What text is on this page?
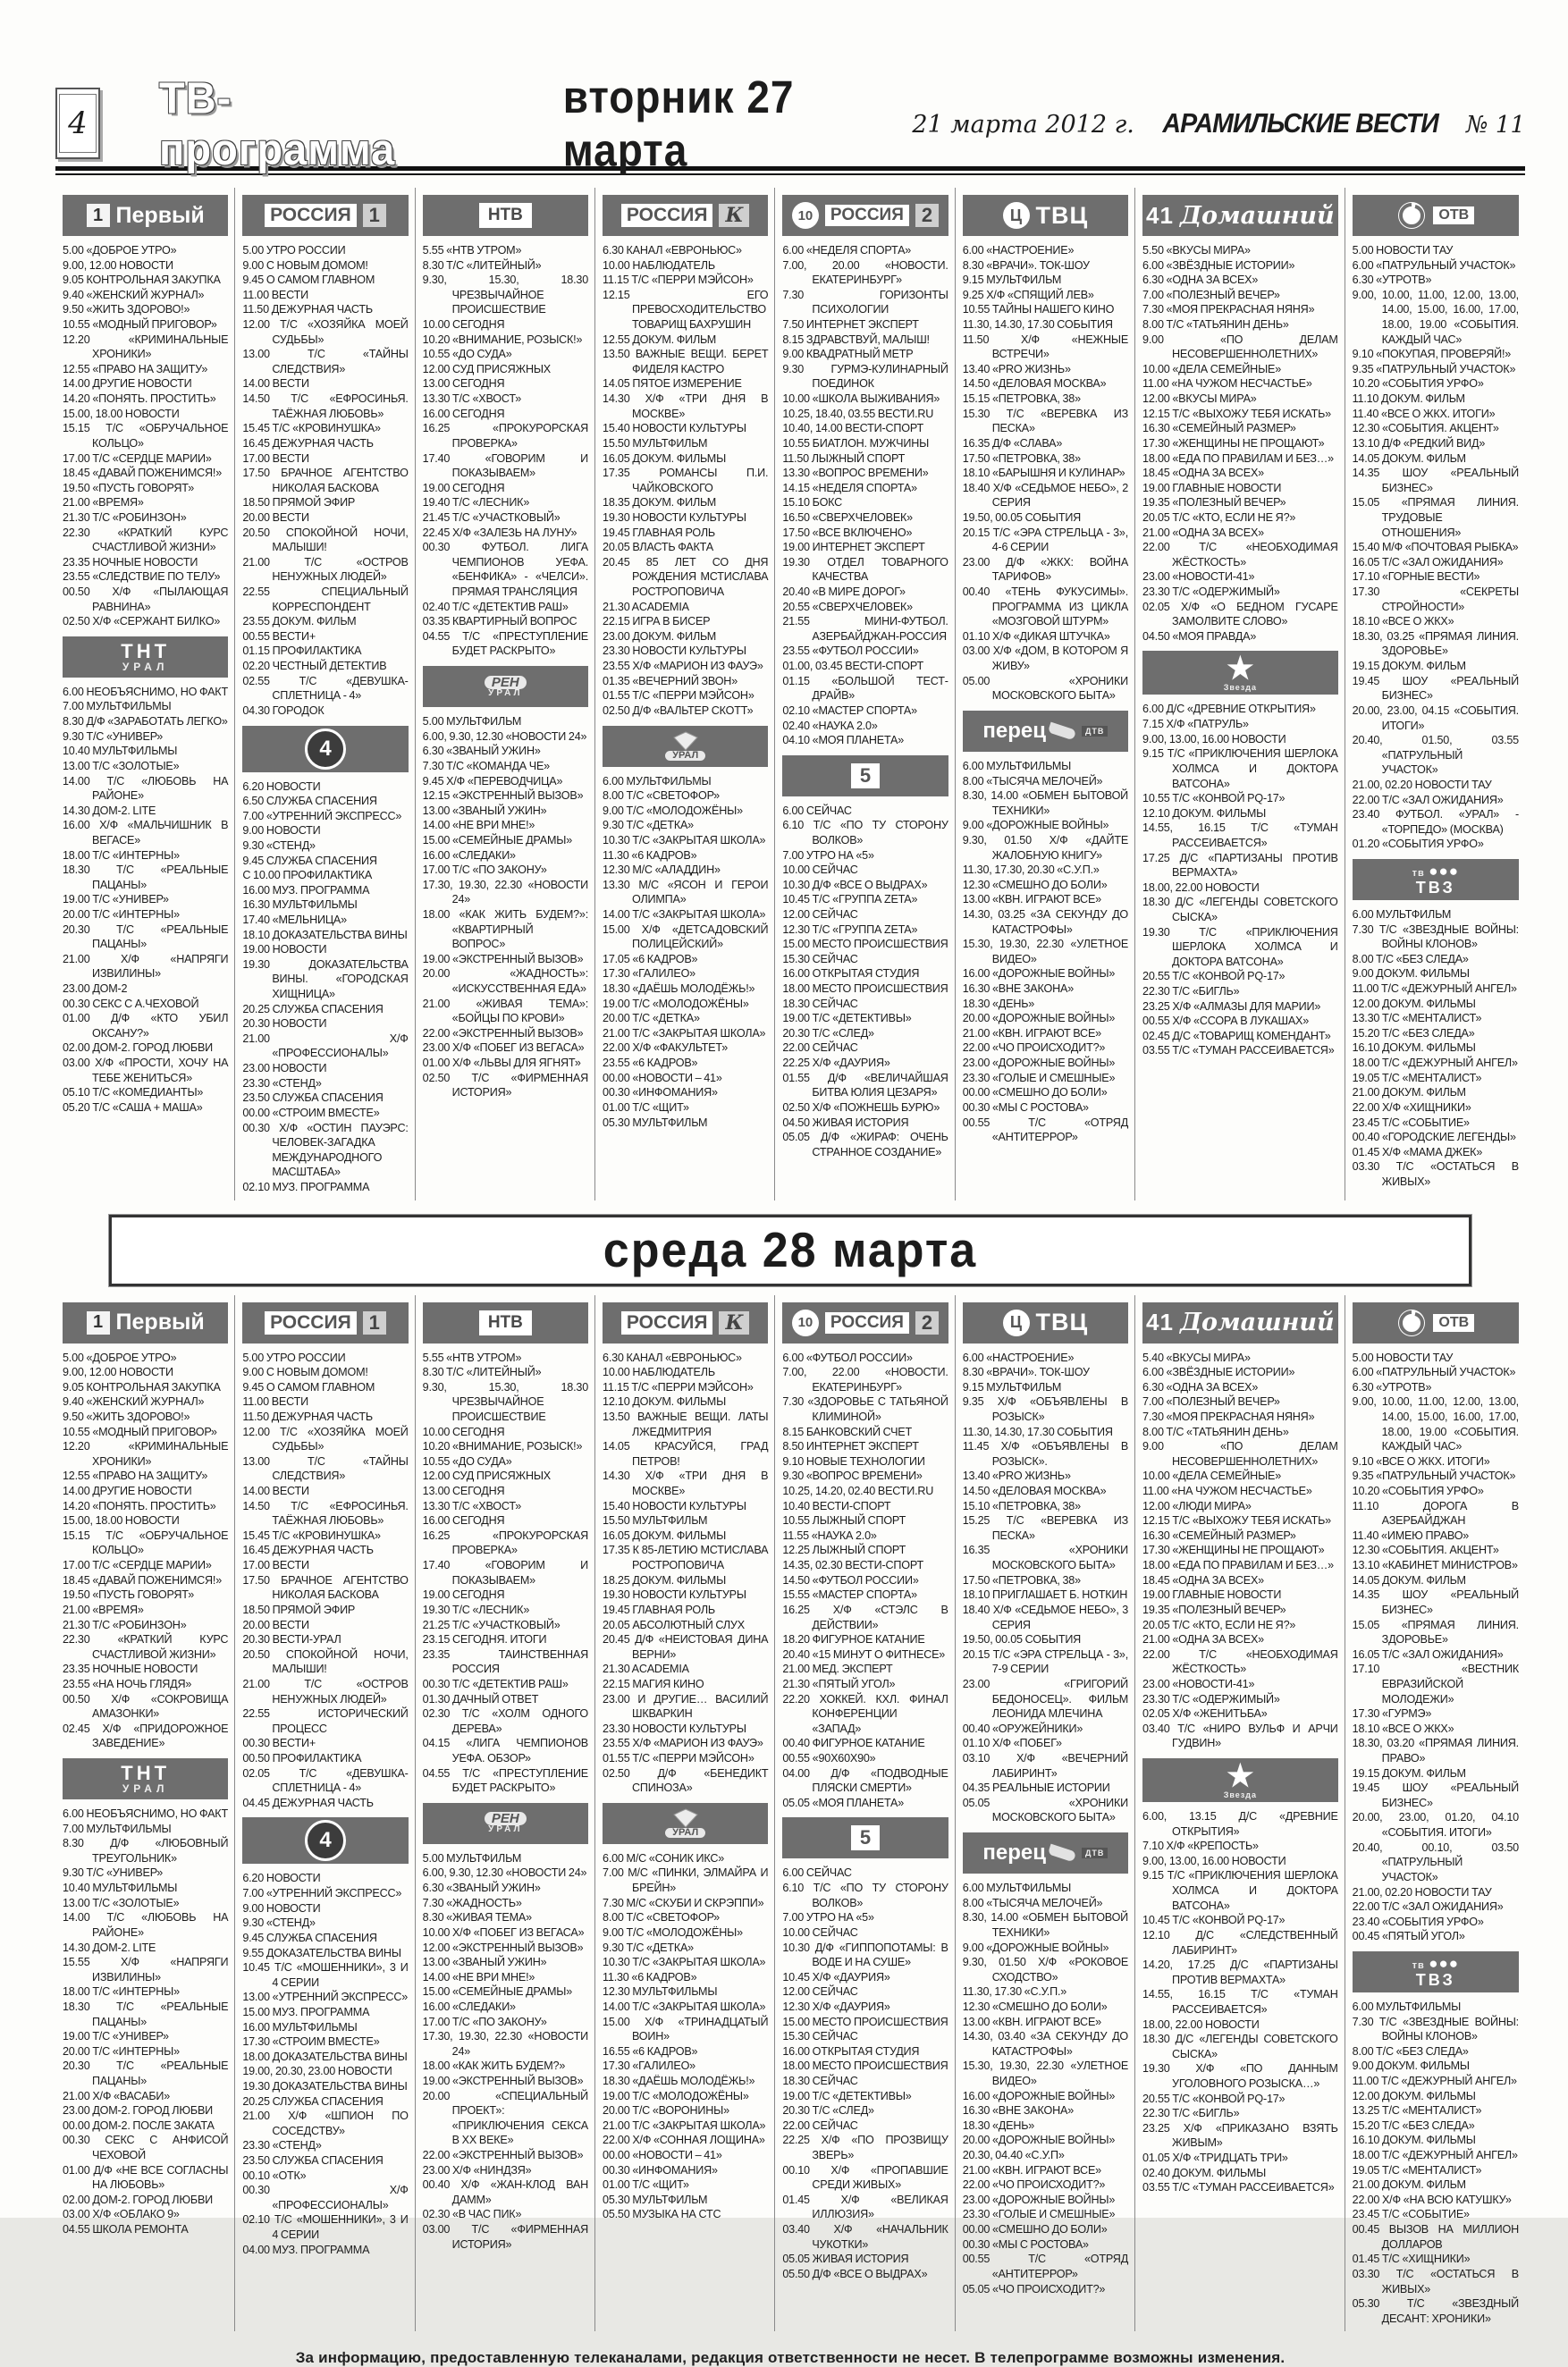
4
ТВ-программа
вторник 27 марта	21 марта 2012 г. АРАМИЛЬСКИЕ ВЕСТИ № 11
1 Первый
5.00 «ДОБРОЕ УТРО»
9.00, 12.00 НОВОСТИ
9.05 КОНТРОЛЬНАЯ ЗАКУПКА
9.40 «ЖЕНСКИЙ ЖУРНАЛ»
9.50 «ЖИТЬ ЗДОРОВО!»
10.55 «МОДНЫЙ ПРИГОВОР»
12.20 «КРИМИНАЛЬНЫЕ ХРОНИКИ»
12.55 «ПРАВО НА ЗАЩИТУ»
14.00 ДРУГИЕ НОВОСТИ
14.20 «ПОНЯТЬ. ПРОСТИТЬ»
15.00, 18.00 НОВОСТИ
15.15 Т/С «ОБРУЧАЛЬНОЕ КОЛЬЦО»
17.00 Т/С «СЕРДЦЕ МАРИИ»
18.45 «ДАВАЙ ПОЖЕНИМСЯ!»
19.50 «ПУСТЬ ГОВОРЯТ»
21.00 «ВРЕМЯ»
21.30 Т/С «РОБИНЗОН»
22.30 «КРАТКИЙ КУРС СЧАСТЛИВОЙ ЖИЗНИ»
23.35 НОЧНЫЕ НОВОСТИ
23.55 «СЛЕДСТВИЕ ПО ТЕЛУ»
00.50 Х/Ф «ПЫЛАЮЩАЯ РАВНИНА»
02.50 Х/Ф «СЕРЖАНТ БИЛКО»
ТНТ
УРАЛ
6.00 НЕОБЪЯСНИМО, НО ФАКТ
7.00 МУЛЬТФИЛЬМЫ
8.30 Д/Ф «ЗАРАБОТАТЬ ЛЕГКО»
9.30 Т/С «УНИВЕР»
10.40 МУЛЬТФИЛЬМЫ
13.00 Т/С «ЗОЛОТЫЕ»
14.00 Т/С «ЛЮБОВЬ НА РАЙОНЕ»
14.30 ДОМ-2. LITE
16.00 Х/Ф «МАЛЬЧИШНИК В ВЕГАСЕ»
18.00 Т/С «ИНТЕРНЫ»
18.30 Т/С «РЕАЛЬНЫЕ ПАЦАНЫ»
19.00 Т/С «УНИВЕР»
20.00 Т/С «ИНТЕРНЫ»
20.30 Т/С «РЕАЛЬНЫЕ ПАЦАНЫ»
21.00 Х/Ф «НАПРЯГИ ИЗВИЛИНЫ»
23.00 ДОМ-2
00.30 СЕКС С А.ЧЕХОВОЙ
01.00 Д/Ф «КТО УБИЛ ОКСАНУ?»
02.00 ДОМ-2. ГОРОД ЛЮБВИ
03.00 Х/Ф «ПРОСТИ, ХОЧУ НА ТЕБЕ ЖЕНИТЬСЯ»
05.10 Т/С «КОМЕДИАНТЫ»
05.20 Т/С «САША + МАША»
РОССИЯ 1
5.00 УТРО РОССИИ
9.00 С НОВЫМ ДОМОМ!
9.45 О САМОМ ГЛАВНОМ
11.00 ВЕСТИ
11.50 ДЕЖУРНАЯ ЧАСТЬ
12.00 Т/С «ХОЗЯЙКА МОЕЙ СУДЬБЫ»
13.00 Т/С «ТАЙНЫ СЛЕДСТВИЯ»
14.00 ВЕСТИ
14.50 Т/С «ЕФРОСИНЬЯ. ТАЁЖНАЯ ЛЮБОВЬ»
15.45 Т/С «КРОВИНУШКА»
16.45 ДЕЖУРНАЯ ЧАСТЬ
17.00 ВЕСТИ
17.50 БРАЧНОЕ АГЕНТСТВО НИКОЛАЯ БАСКОВА
18.50 ПРЯМОЙ ЭФИР
20.00 ВЕСТИ
20.50 СПОКОЙНОЙ НОЧИ, МАЛЫШИ!
21.00 Т/С «ОСТРОВ НЕНУЖНЫХ ЛЮДЕЙ»
22.55 СПЕЦИАЛЬНЫЙ КОРРЕСПОНДЕНТ
23.55 ДОКУМ. ФИЛЬМ
00.55 ВЕСТИ+
01.15 ПРОФИЛАКТИКА
02.20 ЧЕСТНЫЙ ДЕТЕКТИВ
02.55 Т/С «ДЕВУШКА-СПЛЕТНИЦА - 4»
04.30 ГОРОДОК
4
6.20 НОВОСТИ
6.50 СЛУЖБА СПАСЕНИЯ
7.00 «УТРЕННИЙ ЭКСПРЕСС»
9.00 НОВОСТИ
9.30 «СТЕНД»
9.45 СЛУЖБА СПАСЕНИЯ
С 10.00 ПРОФИЛАКТИКА
16.00 МУЗ. ПРОГРАММА
16.30 МУЛЬТФИЛЬМЫ
17.40 «МЕЛЬНИЦА»
18.10 ДОКАЗАТЕЛЬСТВА ВИНЫ
19.00 НОВОСТИ
19.30 ДОКАЗАТЕЛЬСТВА ВИНЫ. «ГОРОДСКАЯ ХИЩНИЦА»
20.25 СЛУЖБА СПАСЕНИЯ
20.30 НОВОСТИ
21.00 Х/Ф «ПРОФЕССИОНАЛЫ»
23.00 НОВОСТИ
23.30 «СТЕНД»
23.50 СЛУЖБА СПАСЕНИЯ
00.00 «СТРОИМ ВМЕСТЕ»
00.30 Х/Ф «ОСТИН ПАУЭРС: ЧЕЛОВЕК-ЗАГАДКА МЕЖДУНАРОДНОГО МАСШТАБА»
02.10 МУЗ. ПРОГРАММА
НТВ
5.55 «НТВ УТРОМ»
8.30 Т/С «ЛИТЕЙНЫЙ»
9.30, 15.30, 18.30 ЧРЕЗВЫЧАЙНОЕ ПРОИСШЕСТВИЕ
10.00 СЕГОДНЯ
10.20 «ВНИМАНИЕ, РОЗЫСК!»
10.55 «ДО СУДА»
12.00 СУД ПРИСЯЖНЫХ
13.00 СЕГОДНЯ
13.30 Т/С «ХВОСТ»
16.00 СЕГОДНЯ
16.25 «ПРОКУРОРСКАЯ ПРОВЕРКА»
17.40 «ГОВОРИМ И ПОКАЗЫВАЕМ»
19.00 СЕГОДНЯ
19.40 Т/С «ЛЕСНИК»
21.45 Т/С «УЧАСТКОВЫЙ»
22.45 Х/Ф «ЗАЛЕЗЬ НА ЛУНУ»
00.30 ФУТБОЛ. ЛИГА ЧЕМПИОНОВ УЕФА. «БЕНФИКА» - «ЧЕЛСИ». ПРЯМАЯ ТРАНСЛЯЦИЯ
02.40 Т/С «ДЕТЕКТИВ РАШ»
03.35 КВАРТИРНЫЙ ВОПРОС
04.55 Т/С «ПРЕСТУПЛЕНИЕ БУДЕТ РАСКРЫТО»
РЕН
УРАЛ
5.00 МУЛЬТФИЛЬМ
6.00, 9.30, 12.30 «НОВОСТИ 24»
6.30 «ЗВАНЫЙ УЖИН»
7.30 Т/С «КОМАНДА ЧЕ»
9.45 Х/Ф «ПЕРЕВОДЧИЦА»
12.15 «ЭКСТРЕННЫЙ ВЫЗОВ»
13.00 «ЗВАНЫЙ УЖИН»
14.00 «НЕ ВРИ МНЕ!»
15.00 «СЕМЕЙНЫЕ ДРАМЫ»
16.00 «СЛЕДАКИ»
17.00 Т/С «ПО ЗАКОНУ»
17.30, 19.30, 22.30 «НОВОСТИ 24»
18.00 «КАК ЖИТЬ БУДЕМ?»: «КВАРТИРНЫЙ ВОПРОС»
19.00 «ЭКСТРЕННЫЙ ВЫЗОВ»
20.00 «ЖАДНОСТЬ»: «ИСКУССТВЕННАЯ ЕДА»
21.00 «ЖИВАЯ ТЕМА»: «БОЙЦЫ ПО КРОВИ»
22.00 «ЭКСТРЕННЫЙ ВЫЗОВ»
23.00 Х/Ф «ПОБЕГ ИЗ ВЕГАСА»
01.00 Х/Ф «ЛЬВЫ ДЛЯ ЯГНЯТ»
02.50 Т/С «ФИРМЕННАЯ ИСТОРИЯ»
РОССИЯ К
6.30 КАНАЛ «ЕВРОНЬЮС»
10.00 НАБЛЮДАТЕЛЬ
11.15 Т/С «ПЕРРИ МЭЙСОН»
12.15 ЕГО ПРЕВОСХОДИТЕЛЬСТВО ТОВАРИЩ БАХРУШИН
12.55 ДОКУМ. ФИЛЬМ
13.50 ВАЖНЫЕ ВЕЩИ. БЕРЕТ ФИДЕЛЯ КАСТРО
14.05 ПЯТОЕ ИЗМЕРЕНИЕ
14.30 Х/Ф «ТРИ ДНЯ В МОСКВЕ»
15.40 НОВОСТИ КУЛЬТУРЫ
15.50 МУЛЬТФИЛЬМ
16.05 ДОКУМ. ФИЛЬМЫ
17.35 РОМАНСЫ П.И. ЧАЙКОВСКОГО
18.35 ДОКУМ. ФИЛЬМ
19.30 НОВОСТИ КУЛЬТУРЫ
19.45 ГЛАВНАЯ РОЛЬ
20.05 ВЛАСТЬ ФАКТА
20.45 85 ЛЕТ СО ДНЯ РОЖДЕНИЯ МСТИСЛАВА РОСТРОПОВИЧА
21.30 ACADEMIA
22.15 ИГРА В БИСЕР
23.00 ДОКУМ. ФИЛЬМ
23.30 НОВОСТИ КУЛЬТУРЫ
23.55 Х/Ф «МАРИОН ИЗ ФАУЭ»
01.35 «ВЕЧЕРНИЙ ЗВОН»
01.55 Т/С «ПЕРРИ МЭЙСОН»
02.50 Д/Ф «ВАЛЬТЕР СКОТТ»
УРАЛ
6.00 МУЛЬТФИЛЬМЫ
8.00 Т/С «СВЕТОФОР»
9.00 Т/С «МОЛОДОЖЁНЫ»
9.30 Т/С «ДЕТКА»
10.30 Т/С «ЗАКРЫТАЯ ШКОЛА»
11.30 «6 КАДРОВ»
12.30 М/С «АЛАДДИН»
13.30 М/С «ЯСОН И ГЕРОИ ОЛИМПА»
14.00 Т/С «ЗАКРЫТАЯ ШКОЛА»
15.00 Х/Ф «ДЕТСАДОВСКИЙ ПОЛИЦЕЙСКИЙ»
17.05 «6 КАДРОВ»
17.30 «ГАЛИЛЕО»
18.30 «ДАЁШЬ МОЛОДЁЖЬ!»
19.00 Т/С «МОЛОДОЖЁНЫ»
20.00 Т/С «ДЕТКА»
21.00 Т/С «ЗАКРЫТАЯ ШКОЛА»
22.00 Х/Ф «ФАКУЛЬТЕТ»
23.55 «6 КАДРОВ»
00.00 «НОВОСТИ – 41»
00.30 «ИНФОМАНИЯ»
01.00 Т/С «ЩИТ»
05.30 МУЛЬТФИЛЬМ
10	РОССИЯ 2
6.00 «НЕДЕЛЯ СПОРТА»
7.00, 20.00 «НОВОСТИ. ЕКАТЕРИНБУРГ»
7.30 ГОРИЗОНТЫ ПСИХОЛОГИИ
7.50 ИНТЕРНЕТ ЭКСПЕРТ
8.15 ЗДРАВСТВУЙ, МАЛЫШ!
9.00 КВАДРАТНЫЙ МЕТР
9.30 ГУРМЭ-КУЛИНАРНЫЙ ПОЕДИНОК
10.00 «ШКОЛА ВЫЖИВАНИЯ»
10.25, 18.40, 03.55 ВЕСТИ.RU
10.40, 14.00 ВЕСТИ-СПОРТ
10.55 БИАТЛОН. МУЖЧИНЫ
11.50 ЛЫЖНЫЙ СПОРТ
13.30 «ВОПРОС ВРЕМЕНИ»
14.15 «НЕДЕЛЯ СПОРТА»
15.10 БОКС
16.50 «СВЕРХЧЕЛОВЕК»
17.50 «ВСЕ ВКЛЮЧЕНО»
19.00 ИНТЕРНЕТ ЭКСПЕРТ
19.30 ОТДЕЛ ТОВАРНОГО КАЧЕСТВА
20.40 «В МИРЕ ДОРОГ»
20.55 «СВЕРХЧЕЛОВЕК»
21.55 МИНИ-ФУТБОЛ. АЗЕРБАЙДЖАН-РОССИЯ
23.55 «ФУТБОЛ РОССИИ»
01.00, 03.45 ВЕСТИ-СПОРТ
01.15 «БОЛЬШОЙ ТЕСТ-ДРАЙВ»
02.10 «МАСТЕР СПОРТА»
02.40 «НАУКА 2.0»
04.10 «МОЯ ПЛАНЕТА»
5
6.00 СЕЙЧАС
6.10 Т/С «ПО ТУ СТОРОНУ ВОЛКОВ»
7.00 УТРО НА «5»
10.00 СЕЙЧАС
10.30 Д/Ф «ВСЕ О ВЫДРАХ»
10.45 Т/С «ГРУППА ZETA»
12.00 СЕЙЧАС
12.30 Т/С «ГРУППА ZETA»
15.00 МЕСТО ПРОИСШЕСТВИЯ
15.30 СЕЙЧАС
16.00 ОТКРЫТАЯ СТУДИЯ
18.00 МЕСТО ПРОИСШЕСТВИЯ
18.30 СЕЙЧАС
19.00 Т/С «ДЕТЕКТИВЫ»
20.30 Т/С «СЛЕД»
22.00 СЕЙЧАС
22.25 Х/Ф «ДАУРИЯ»
01.55 Д/Ф «ВЕЛИЧАЙШАЯ БИТВА ЮЛИЯ ЦЕЗАРЯ»
02.50 Х/Ф «ПОЖНЕШЬ БУРЮ»
04.50 ЖИВАЯ ИСТОРИЯ
05.05 Д/Ф «ЖИРАФ: ОЧЕНЬ СТРАННОЕ СОЗДАНИЕ»
Ц ТВЦ
6.00 «НАСТРОЕНИЕ»
8.30 «ВРАЧИ». ТОК-ШОУ
9.15 МУЛЬТФИЛЬМ
9.25 Х/Ф «СПЯЩИЙ ЛЕВ»
10.55 ТАЙНЫ НАШЕГО КИНО
11.30, 14.30, 17.30 СОБЫТИЯ
11.50 Х/Ф «НЕЖНЫЕ ВСТРЕЧИ»
13.40 «PRO ЖИЗНЬ»
14.50 «ДЕЛОВАЯ МОСКВА»
15.15 «ПЕТРОВКА, 38»
15.30 Т/С «ВЕРЕВКА ИЗ ПЕСКА»
16.35 Д/Ф «СЛАВА»
17.50 «ПЕТРОВКА, 38»
18.10 «БАРЫШНЯ И КУЛИНАР»
18.40 Х/Ф «СЕДЬМОЕ НЕБО», 2 СЕРИЯ
19.50, 00.05 СОБЫТИЯ
20.15 Т/С «ЭРА СТРЕЛЬЦА - 3», 4-6 СЕРИИ
23.00 Д/Ф «ЖКХ: ВОЙНА ТАРИФОВ»
00.40 «ТЕНЬ ФУКУСИМЫ». ПРОГРАММА ИЗ ЦИКЛА «МОЗГОВОЙ ШТУРМ»
01.10 Х/Ф «ДИКАЯ ШТУЧКА»
03.00 Х/Ф «ДОМ, В КОТОРОМ Я ЖИВУ»
05.00 «ХРОНИКИ МОСКОВСКОГО БЫТА»
перец	ДТВ
6.00 МУЛЬТФИЛЬМЫ
8.00 «ТЫСЯЧА МЕЛОЧЕЙ»
8.30, 14.00 «ОБМЕН БЫТОВОЙ ТЕХНИКИ»
9.00 «ДОРОЖНЫЕ ВОЙНЫ»
9.30, 01.50 Х/Ф «ДАЙТЕ ЖАЛОБНУЮ КНИГУ»
11.30, 17.30, 20.30 «С.У.П.»
12.30 «СМЕШНО ДО БОЛИ»
13.00 «КВН. ИГРАЮТ ВСЕ»
14.30, 03.25 «ЗА СЕКУНДУ ДО КАТАСТРОФЫ»
15.30, 19.30, 22.30 «УЛЕТНОЕ ВИДЕО»
16.00 «ДОРОЖНЫЕ ВОЙНЫ»
16.30 «ВНЕ ЗАКОНА»
18.30 «ДЕНЬ»
20.00 «ДОРОЖНЫЕ ВОЙНЫ»
21.00 «КВН. ИГРАЮТ ВСЕ»
22.00 «ЧО ПРОИСХОДИТ?»
23.00 «ДОРОЖНЫЕ ВОЙНЫ»
23.30 «ГОЛЫЕ И СМЕШНЫЕ»
00.00 «СМЕШНО ДО БОЛИ»
00.30 «МЫ С РОСТОВА»
00.55 Т/С «ОТРЯД «АНТИТЕРРОР»
41 Домашний
5.50 «ВКУСЫ МИРА»
6.00 «ЗВЁЗДНЫЕ ИСТОРИИ»
6.30 «ОДНА ЗА ВСЕХ»
7.00 «ПОЛЕЗНЫЙ ВЕЧЕР»
7.30 «МОЯ ПРЕКРАСНАЯ НЯНЯ»
8.00 Т/С «ТАТЬЯНИН ДЕНЬ»
9.00 «ПО ДЕЛАМ НЕСОВЕРШЕННОЛЕТНИХ»
10.00 «ДЕЛА СЕМЕЙНЫЕ»
11.00 «НА ЧУЖОМ НЕСЧАСТЬЕ»
12.00 «ВКУСЫ МИРА»
12.15 Т/С «ВЫХОЖУ ТЕБЯ ИСКАТЬ»
16.30 «СЕМЕЙНЫЙ РАЗМЕР»
17.30 «ЖЕНЩИНЫ НЕ ПРОЩАЮТ»
18.00 «ЕДА ПО ПРАВИЛАМ И БЕЗ…»
18.45 «ОДНА ЗА ВСЕХ»
19.00 ГЛАВНЫЕ НОВОСТИ
19.35 «ПОЛЕЗНЫЙ ВЕЧЕР»
20.05 Т/С «КТО, ЕСЛИ НЕ Я?»
21.00 «ОДНА ЗА ВСЕХ»
22.00 Т/С «НЕОБХОДИМАЯ ЖЁСТКОСТЬ»
23.00 «НОВОСТИ-41»
23.30 Т/С «ОДЕРЖИМЫЙ»
02.05 Х/Ф «О БЕДНОМ ГУСАРЕ ЗАМОЛВИТЕ СЛОВО»
04.50 «МОЯ ПРАВДА»
★
Звезда
6.00 Д/С «ДРЕВНИЕ ОТКРЫТИЯ»
7.15 Х/Ф «ПАТРУЛЬ»
9.00, 13.00, 16.00 НОВОСТИ
9.15 Т/С «ПРИКЛЮЧЕНИЯ ШЕРЛОКА ХОЛМСА И ДОКТОРА ВАТСОНА»
10.55 Т/С «КОНВОЙ PQ-17»
12.10 ДОКУМ. ФИЛЬМЫ
14.55, 16.15 Т/С «ТУМАН РАССЕИВАЕТСЯ»
17.25 Д/С «ПАРТИЗАНЫ ПРОТИВ ВЕРМАХТА»
18.00, 22.00 НОВОСТИ
18.30 Д/С «ЛЕГЕНДЫ СОВЕТСКОГО СЫСКА»
19.30 Т/С «ПРИКЛЮЧЕНИЯ ШЕРЛОКА ХОЛМСА И ДОКТОРА ВАТСОНА»
20.55 Т/С «КОНВОЙ PQ-17»
22.30 Т/С «БИГЛЬ»
23.25 Х/Ф «АЛМАЗЫ ДЛЯ МАРИИ»
00.55 Х/Ф «ССОРА В ЛУКАШАХ»
02.45 Д/С «ТОВАРИЩ КОМЕНДАНТ»
03.55 Т/С «ТУМАН РАССЕИВАЕТСЯ»
ОТВ
5.00 НОВОСТИ ТАУ
6.00 «ПАТРУЛЬНЫЙ УЧАСТОК»
6.30 «УТРОТВ»
9.00, 10.00, 11.00, 12.00, 13.00, 14.00, 15.00, 16.00, 17.00, 18.00, 19.00 «СОБЫТИЯ. КАЖДЫЙ ЧАС»
9.10 «ПОКУПАЯ, ПРОВЕРЯЙ!»
9.35 «ПАТРУЛЬНЫЙ УЧАСТОК»
10.20 «СОБЫТИЯ УРФО»
11.10 ДОКУМ. ФИЛЬМ
11.40 «ВСЕ О ЖКХ. ИТОГИ»
12.30 «СОБЫТИЯ. АКЦЕНТ»
13.10 Д/Ф «РЕДКИЙ ВИД»
14.05 ДОКУМ. ФИЛЬМ
14.35 ШОУ «РЕАЛЬНЫЙ БИЗНЕС»
15.05 «ПРЯМАЯ ЛИНИЯ. ТРУДОВЫЕ ОТНОШЕНИЯ»
15.40 М/Ф «ПОЧТОВАЯ РЫБКА»
16.05 Т/С «ЗАЛ ОЖИДАНИЯ»
17.10 «ГОРНЫЕ ВЕСТИ»
17.30 «СЕКРЕТЫ СТРОЙНОСТИ»
18.10 «ВСЕ О ЖКХ»
18.30, 03.25 «ПРЯМАЯ ЛИНИЯ. ЗДОРОВЬЕ»
19.15 ДОКУМ. ФИЛЬМ
19.45 ШОУ «РЕАЛЬНЫЙ БИЗНЕС»
20.00, 23.00, 04.15 «СОБЫТИЯ. ИТОГИ»
20.40, 01.50, 03.55 «ПАТРУЛЬНЫЙ УЧАСТОК»
21.00, 02.20 НОВОСТИ ТАУ
22.00 Т/С «ЗАЛ ОЖИДАНИЯ»
23.40 ФУТБОЛ. «УРАЛ» - «ТОРПЕДО» (МОСКВА)
01.20 «СОБЫТИЯ УРФО»
тв ●●●
ТВЗ
6.00 МУЛЬТФИЛЬМ
7.30 Т/С «ЗВЕЗДНЫЕ ВОЙНЫ: ВОЙНЫ КЛОНОВ»
8.00 Т/С «БЕЗ СЛЕДА»
9.00 ДОКУМ. ФИЛЬМЫ
11.00 Т/С «ДЕЖУРНЫЙ АНГЕЛ»
12.00 ДОКУМ. ФИЛЬМЫ
13.30 Т/С «МЕНТАЛИСТ»
15.20 Т/С «БЕЗ СЛЕДА»
16.10 ДОКУМ. ФИЛЬМЫ
18.00 Т/С «ДЕЖУРНЫЙ АНГЕЛ»
19.05 Т/С «МЕНТАЛИСТ»
21.00 ДОКУМ. ФИЛЬМ
22.00 Х/Ф «ХИЩНИКИ»
23.45 Т/С «СОБЫТИЕ»
00.40 «ГОРОДСКИЕ ЛЕГЕНДЫ»
01.45 Х/Ф «МАМА ДЖЕК»
03.30 Т/С «ОСТАТЬСЯ В ЖИВЫХ»
среда 28 марта
1 Первый
5.00 «ДОБРОЕ УТРО»
9.00, 12.00 НОВОСТИ
9.05 КОНТРОЛЬНАЯ ЗАКУПКА
9.40 «ЖЕНСКИЙ ЖУРНАЛ»
9.50 «ЖИТЬ ЗДОРОВО!»
10.55 «МОДНЫЙ ПРИГОВОР»
12.20 «КРИМИНАЛЬНЫЕ ХРОНИКИ»
12.55 «ПРАВО НА ЗАЩИТУ»
14.00 ДРУГИЕ НОВОСТИ
14.20 «ПОНЯТЬ. ПРОСТИТЬ»
15.00, 18.00 НОВОСТИ
15.15 Т/С «ОБРУЧАЛЬНОЕ КОЛЬЦО»
17.00 Т/С «СЕРДЦЕ МАРИИ»
18.45 «ДАВАЙ ПОЖЕНИМСЯ!»
19.50 «ПУСТЬ ГОВОРЯТ»
21.00 «ВРЕМЯ»
21.30 Т/С «РОБИНЗОН»
22.30 «КРАТКИЙ КУРС СЧАСТЛИВОЙ ЖИЗНИ»
23.35 НОЧНЫЕ НОВОСТИ
23.55 «НА НОЧЬ ГЛЯДЯ»
00.50 Х/Ф «СОКРОВИЩА АМАЗОНКИ»
02.45 Х/Ф «ПРИДОРОЖНОЕ ЗАВЕДЕНИЕ»
ТНТ
УРАЛ
6.00 НЕОБЪЯСНИМО, НО ФАКТ
7.00 МУЛЬТФИЛЬМЫ
8.30 Д/Ф «ЛЮБОВНЫЙ ТРЕУГОЛЬНИК»
9.30 Т/С «УНИВЕР»
10.40 МУЛЬТФИЛЬМЫ
13.00 Т/С «ЗОЛОТЫЕ»
14.00 Т/С «ЛЮБОВЬ НА РАЙОНЕ»
14.30 ДОМ-2. LITE
15.55 Х/Ф «НАПРЯГИ ИЗВИЛИНЫ»
18.00 Т/С «ИНТЕРНЫ»
18.30 Т/С «РЕАЛЬНЫЕ ПАЦАНЫ»
19.00 Т/С «УНИВЕР»
20.00 Т/С «ИНТЕРНЫ»
20.30 Т/С «РЕАЛЬНЫЕ ПАЦАНЫ»
21.00 Х/Ф «ВАСАБИ»
23.00 ДОМ-2. ГОРОД ЛЮБВИ
00.00 ДОМ-2. ПОСЛЕ ЗАКАТА
00.30 СЕКС С АНФИСОЙ ЧЕХОВОЙ
01.00 Д/Ф «НЕ ВСЕ СОГЛАСНЫ НА ЛЮБОВЬ»
02.00 ДОМ-2. ГОРОД ЛЮБВИ
03.00 Х/Ф «ОБЛАКО 9»
04.55 ШКОЛА РЕМОНТА
РОССИЯ 1
5.00 УТРО РОССИИ
9.00 С НОВЫМ ДОМОМ!
9.45 О САМОМ ГЛАВНОМ
11.00 ВЕСТИ
11.50 ДЕЖУРНАЯ ЧАСТЬ
12.00 Т/С «ХОЗЯЙКА МОЕЙ СУДЬБЫ»
13.00 Т/С «ТАЙНЫ СЛЕДСТВИЯ»
14.00 ВЕСТИ
14.50 Т/С «ЕФРОСИНЬЯ. ТАЁЖНАЯ ЛЮБОВЬ»
15.45 Т/С «КРОВИНУШКА»
16.45 ДЕЖУРНАЯ ЧАСТЬ
17.00 ВЕСТИ
17.50 БРАЧНОЕ АГЕНТСТВО НИКОЛАЯ БАСКОВА
18.50 ПРЯМОЙ ЭФИР
20.00 ВЕСТИ
20.30 ВЕСТИ-УРАЛ
20.50 СПОКОЙНОЙ НОЧИ, МАЛЫШИ!
21.00 Т/С «ОСТРОВ НЕНУЖНЫХ ЛЮДЕЙ»
22.55 ИСТОРИЧЕСКИЙ ПРОЦЕСС
00.30 ВЕСТИ+
00.50 ПРОФИЛАКТИКА
02.05 Т/С «ДЕВУШКА-СПЛЕТНИЦА - 4»
04.45 ДЕЖУРНАЯ ЧАСТЬ
4
6.20 НОВОСТИ
7.00 «УТРЕННИЙ ЭКСПРЕСС»
9.00 НОВОСТИ
9.30 «СТЕНД»
9.45 СЛУЖБА СПАСЕНИЯ
9.55 ДОКАЗАТЕЛЬСТВА ВИНЫ
10.45 Т/С «МОШЕННИКИ», 3 И 4 СЕРИИ
13.00 «УТРЕННИЙ ЭКСПРЕСС»
15.00 МУЗ. ПРОГРАММА
16.00 МУЛЬТФИЛЬМЫ
17.30 «СТРОИМ ВМЕСТЕ»
18.00 ДОКАЗАТЕЛЬСТВА ВИНЫ
19.00, 20.30, 23.00 НОВОСТИ
19.30 ДОКАЗАТЕЛЬСТВА ВИНЫ
20.25 СЛУЖБА СПАСЕНИЯ
21.00 Х/Ф «ШПИОН ПО СОСЕДСТВУ»
23.30 «СТЕНД»
23.50 СЛУЖБА СПАСЕНИЯ
00.10 «ОТК»
00.30 Х/Ф «ПРОФЕССИОНАЛЫ»
02.10 Т/С «МОШЕННИКИ», 3 И 4 СЕРИИ
04.00 МУЗ. ПРОГРАММА
НТВ
5.55 «НТВ УТРОМ»
8.30 Т/С «ЛИТЕЙНЫЙ»
9.30, 15.30, 18.30 ЧРЕЗВЫЧАЙНОЕ ПРОИСШЕСТВИЕ
10.00 СЕГОДНЯ
10.20 «ВНИМАНИЕ, РОЗЫСК!»
10.55 «ДО СУДА»
12.00 СУД ПРИСЯЖНЫХ
13.00 СЕГОДНЯ
13.30 Т/С «ХВОСТ»
16.00 СЕГОДНЯ
16.25 «ПРОКУРОРСКАЯ ПРОВЕРКА»
17.40 «ГОВОРИМ И ПОКАЗЫВАЕМ»
19.00 СЕГОДНЯ
19.30 Т/С «ЛЕСНИК»
21.25 Т/С «УЧАСТКОВЫЙ»
23.15 СЕГОДНЯ. ИТОГИ
23.35 ТАИНСТВЕННАЯ РОССИЯ
00.30 Т/С «ДЕТЕКТИВ РАШ»
01.30 ДАЧНЫЙ ОТВЕТ
02.30 Т/С «ХОЛМ ОДНОГО ДЕРЕВА»
04.15 «ЛИГА ЧЕМПИОНОВ УЕФА. ОБЗОР»
04.55 Т/С «ПРЕСТУПЛЕНИЕ БУДЕТ РАСКРЫТО»
РЕН
УРАЛ
5.00 МУЛЬТФИЛЬМ
6.00, 9.30, 12.30 «НОВОСТИ 24»
6.30 «ЗВАНЫЙ УЖИН»
7.30 «ЖАДНОСТЬ»
8.30 «ЖИВАЯ ТЕМА»
10.00 Х/Ф «ПОБЕГ ИЗ ВЕГАСА»
12.00 «ЭКСТРЕННЫЙ ВЫЗОВ»
13.00 «ЗВАНЫЙ УЖИН»
14.00 «НЕ ВРИ МНЕ!»
15.00 «СЕМЕЙНЫЕ ДРАМЫ»
16.00 «СЛЕДАКИ»
17.00 Т/С «ПО ЗАКОНУ»
17.30, 19.30, 22.30 «НОВОСТИ 24»
18.00 «КАК ЖИТЬ БУДЕМ?»
19.00 «ЭКСТРЕННЫЙ ВЫЗОВ»
20.00 «СПЕЦИАЛЬНЫЙ ПРОЕКТ»: «ПРИКЛЮЧЕНИЯ СЕКСА В XX ВЕКЕ»
22.00 «ЭКСТРЕННЫЙ ВЫЗОВ»
23.00 Х/Ф «НИНДЗЯ»
00.40 Х/Ф «ЖАН-КЛОД ВАН ДАММ»
02.30 «В ЧАС ПИК»
03.00 Т/С «ФИРМЕННАЯ ИСТОРИЯ»
РОССИЯ К
6.30 КАНАЛ «ЕВРОНЬЮС»
10.00 НАБЛЮДАТЕЛЬ
11.15 Т/С «ПЕРРИ МЭЙСОН»
12.10 ДОКУМ. ФИЛЬМЫ
13.50 ВАЖНЫЕ ВЕЩИ. ЛАТЫ ЛЖЕДМИТРИЯ
14.05 КРАСУЙСЯ, ГРАД ПЕТРОВ!
14.30 Х/Ф «ТРИ ДНЯ В МОСКВЕ»
15.40 НОВОСТИ КУЛЬТУРЫ
15.50 МУЛЬТФИЛЬМ
16.05 ДОКУМ. ФИЛЬМЫ
17.35 К 85-ЛЕТИЮ МСТИСЛАВА РОСТРОПОВИЧА
18.25 ДОКУМ. ФИЛЬМЫ
19.30 НОВОСТИ КУЛЬТУРЫ
19.45 ГЛАВНАЯ РОЛЬ
20.05 АБСОЛЮТНЫЙ СЛУХ
20.45 Д/Ф «НЕИСТОВАЯ ДИНА ВЕРНИ»
21.30 ACADEMIA
22.15 МАГИЯ КИНО
23.00 И ДРУГИЕ… ВАСИЛИЙ ШКВАРКИН
23.30 НОВОСТИ КУЛЬТУРЫ
23.55 Х/Ф «МАРИОН ИЗ ФАУЭ»
01.55 Т/С «ПЕРРИ МЭЙСОН»
02.50 Д/Ф «БЕНЕДИКТ СПИНОЗА»
УРАЛ
6.00 М/С «СОНИК ИКС»
7.00 М/С «ПИНКИ, ЭЛМАЙРА И БРЕЙН»
7.30 М/С «СКУБИ И СКРЭППИ»
8.00 Т/С «СВЕТОФОР»
9.00 Т/С «МОЛОДОЖЁНЫ»
9.30 Т/С «ДЕТКА»
10.30 Т/С «ЗАКРЫТАЯ ШКОЛА»
11.30 «6 КАДРОВ»
12.30 МУЛЬТФИЛЬМЫ
14.00 Т/С «ЗАКРЫТАЯ ШКОЛА»
15.00 Х/Ф «ТРИНАДЦАТЫЙ ВОИН»
16.55 «6 КАДРОВ»
17.30 «ГАЛИЛЕО»
18.30 «ДАЁШЬ МОЛОДЁЖЬ!»
19.00 Т/С «МОЛОДОЖЁНЫ»
20.00 Т/С «ВОРОНИНЫ»
21.00 Т/С «ЗАКРЫТАЯ ШКОЛА»
22.00 Х/Ф «СОННАЯ ЛОЩИНА»
00.00 «НОВОСТИ – 41»
00.30 «ИНФОМАНИЯ»
01.00 Т/С «ЩИТ»
05.30 МУЛЬТФИЛЬМ
05.50 МУЗЫКА НА СТС
10	РОССИЯ 2
6.00 «ФУТБОЛ РОССИИ»
7.00, 22.00 «НОВОСТИ. ЕКАТЕРИНБУРГ»
7.30 «ЗДОРОВЬЕ С ТАТЬЯНОЙ КЛИМИНОЙ»
8.15 БАНКОВСКИЙ СЧЕТ
8.50 ИНТЕРНЕТ ЭКСПЕРТ
9.10 НОВЫЕ ТЕХНОЛОГИИ
9.30 «ВОПРОС ВРЕМЕНИ»
10.25, 14.20, 02.40 ВЕСТИ.RU
10.40 ВЕСТИ-СПОРТ
10.55 ЛЫЖНЫЙ СПОРТ
11.55 «НАУКА 2.0»
12.25 ЛЫЖНЫЙ СПОРТ
14.35, 02.30 ВЕСТИ-СПОРТ
14.50 «ФУТБОЛ РОССИИ»
15.55 «МАСТЕР СПОРТА»
16.25 Х/Ф «СТЭЛС В ДЕЙСТВИИ»
18.20 ФИГУРНОЕ КАТАНИЕ
20.40 «15 МИНУТ О ФИТНЕСЕ»
21.00 МЕД. ЭКСПЕРТ
21.30 «ПЯТЫЙ УГОЛ»
22.20 ХОККЕЙ. КХЛ. ФИНАЛ КОНФЕРЕНЦИИ «ЗАПАД»
00.40 ФИГУРНОЕ КАТАНИЕ
00.55 «90Х60Х90»
04.00 Д/Ф «ПОДВОДНЫЕ ПЛЯСКИ СМЕРТИ»
05.05 «МОЯ ПЛАНЕТА»
5
6.00 СЕЙЧАС
6.10 Т/С «ПО ТУ СТОРОНУ ВОЛКОВ»
7.00 УТРО НА «5»
10.00 СЕЙЧАС
10.30 Д/Ф «ГИППОПОТАМЫ: В ВОДЕ И НА СУШЕ»
10.45 Х/Ф «ДАУРИЯ»
12.00 СЕЙЧАС
12.30 Х/Ф «ДАУРИЯ»
15.00 МЕСТО ПРОИСШЕСТВИЯ
15.30 СЕЙЧАС
16.00 ОТКРЫТАЯ СТУДИЯ
18.00 МЕСТО ПРОИСШЕСТВИЯ
18.30 СЕЙЧАС
19.00 Т/С «ДЕТЕКТИВЫ»
20.30 Т/С «СЛЕД»
22.00 СЕЙЧАС
22.25 Х/Ф «ПО ПРОЗВИЩУ ЗВЕРЬ»
00.10 Х/Ф «ПРОПАВШИЕ СРЕДИ ЖИВЫХ»
01.45 Х/Ф «ВЕЛИКАЯ ИЛЛЮЗИЯ»
03.40 Х/Ф «НАЧАЛЬНИК ЧУКОТКИ»
05.05 ЖИВАЯ ИСТОРИЯ
05.50 Д/Ф «ВСЕ О ВЫДРАХ»
Ц ТВЦ
6.00 «НАСТРОЕНИЕ»
8.30 «ВРАЧИ». ТОК-ШОУ
9.15 МУЛЬТФИЛЬМ
9.35 Х/Ф «ОБЪЯВЛЕНЫ В РОЗЫСК»
11.30, 14.30, 17.30 СОБЫТИЯ
11.45 Х/Ф «ОБЪЯВЛЕНЫ В РОЗЫСК».
13.40 «PRO ЖИЗНЬ»
14.50 «ДЕЛОВАЯ МОСКВА»
15.10 «ПЕТРОВКА, 38»
15.25 Т/С «ВЕРЕВКА ИЗ ПЕСКА»
16.35 «ХРОНИКИ МОСКОВСКОГО БЫТА»
17.50 «ПЕТРОВКА, 38»
18.10 ПРИГЛАШАЕТ Б. НОТКИН
18.40 Х/Ф «СЕДЬМОЕ НЕБО», 3 СЕРИЯ
19.50, 00.05 СОБЫТИЯ
20.15 Т/С «ЭРА СТРЕЛЬЦА - 3», 7-9 СЕРИИ
23.00 «ГРИГОРИЙ БЕДОНОСЕЦ». ФИЛЬМ ЛЕОНИДА МЛЕЧИНА
00.40 «ОРУЖЕЙНИКИ»
01.10 Х/Ф «ПОБЕГ»
03.10 Х/Ф «ВЕЧЕРНИЙ ЛАБИРИНТ»
04.35 РЕАЛЬНЫЕ ИСТОРИИ
05.05 «ХРОНИКИ МОСКОВСКОГО БЫТА»
перец	ДТВ
6.00 МУЛЬТФИЛЬМЫ
8.00 «ТЫСЯЧА МЕЛОЧЕЙ»
8.30, 14.00 «ОБМЕН БЫТОВОЙ ТЕХНИКИ»
9.00 «ДОРОЖНЫЕ ВОЙНЫ»
9.30, 01.50 Х/Ф «РОКОВОЕ СХОДСТВО»
11.30, 17.30 «С.У.П.»
12.30 «СМЕШНО ДО БОЛИ»
13.00 «КВН. ИГРАЮТ ВСЕ»
14.30, 03.40 «ЗА СЕКУНДУ ДО КАТАСТРОФЫ»
15.30, 19.30, 22.30 «УЛЕТНОЕ ВИДЕО»
16.00 «ДОРОЖНЫЕ ВОЙНЫ»
16.30 «ВНЕ ЗАКОНА»
18.30 «ДЕНЬ»
20.00 «ДОРОЖНЫЕ ВОЙНЫ»
20.30, 04.40 «С.У.П»
21.00 «КВН. ИГРАЮТ ВСЕ»
22.00 «ЧО ПРОИСХОДИТ?»
23.00 «ДОРОЖНЫЕ ВОЙНЫ»
23.30 «ГОЛЫЕ И СМЕШНЫЕ»
00.00 «СМЕШНО ДО БОЛИ»
00.30 «МЫ С РОСТОВА»
00.55 Т/С «ОТРЯД «АНТИТЕРРОР»
05.05 «ЧО ПРОИСХОДИТ?»
41 Домашний
5.40 «ВКУСЫ МИРА»
6.00 «ЗВЁЗДНЫЕ ИСТОРИИ»
6.30 «ОДНА ЗА ВСЕХ»
7.00 «ПОЛЕЗНЫЙ ВЕЧЕР»
7.30 «МОЯ ПРЕКРАСНАЯ НЯНЯ»
8.00 Т/С «ТАТЬЯНИН ДЕНЬ»
9.00 «ПО ДЕЛАМ НЕСОВЕРШЕННОЛЕТНИХ»
10.00 «ДЕЛА СЕМЕЙНЫЕ»
11.00 «НА ЧУЖОМ НЕСЧАСТЬЕ»
12.00 «ЛЮДИ МИРА»
12.15 Т/С «ВЫХОЖУ ТЕБЯ ИСКАТЬ»
16.30 «СЕМЕЙНЫЙ РАЗМЕР»
17.30 «ЖЕНЩИНЫ НЕ ПРОЩАЮТ»
18.00 «ЕДА ПО ПРАВИЛАМ И БЕЗ…»
18.45 «ОДНА ЗА ВСЕХ»
19.00 ГЛАВНЫЕ НОВОСТИ
19.35 «ПОЛЕЗНЫЙ ВЕЧЕР»
20.05 Т/С «КТО, ЕСЛИ НЕ Я?»
21.00 «ОДНА ЗА ВСЕХ»
22.00 Т/С «НЕОБХОДИМАЯ ЖЁСТКОСТЬ»
23.00 «НОВОСТИ-41»
23.30 Т/С «ОДЕРЖИМЫЙ»
02.05 Х/Ф «ЖЕНИТЬБА»
03.40 Т/С «НИРО ВУЛЬФ И АРЧИ ГУДВИН»
★
Звезда
6.00, 13.15 Д/С «ДРЕВНИЕ ОТКРЫТИЯ»
7.10 Х/Ф «КРЕПОСТЬ»
9.00, 13.00, 16.00 НОВОСТИ
9.15 Т/С «ПРИКЛЮЧЕНИЯ ШЕРЛОКА ХОЛМСА И ДОКТОРА ВАТСОНА»
10.45 Т/С «КОНВОЙ PQ-17»
12.10 Д/С «СЛЕДСТВЕННЫЙ ЛАБИРИНТ»
14.20, 17.25 Д/С «ПАРТИЗАНЫ ПРОТИВ ВЕРМАХТА»
14.55, 16.15 Т/С «ТУМАН РАССЕИВАЕТСЯ»
18.00, 22.00 НОВОСТИ
18.30 Д/С «ЛЕГЕНДЫ СОВЕТСКОГО СЫСКА»
19.30 Х/Ф «ПО ДАННЫМ УГОЛОВНОГО РОЗЫСКА…»
20.55 Т/С «КОНВОЙ PQ-17»
22.30 Т/С «БИГЛЬ»
23.25 Х/Ф «ПРИКАЗАНО ВЗЯТЬ ЖИВЫМ»
01.05 Х/Ф «ТРИДЦАТЬ ТРИ»
02.40 ДОКУМ. ФИЛЬМЫ
03.55 Т/С «ТУМАН РАССЕИВАЕТСЯ»
ОТВ
5.00 НОВОСТИ ТАУ
6.00 «ПАТРУЛЬНЫЙ УЧАСТОК»
6.30 «УТРОТВ»
9.00, 10.00, 11.00, 12.00, 13.00, 14.00, 15.00, 16.00, 17.00, 18.00, 19.00 «СОБЫТИЯ. КАЖДЫЙ ЧАС»
9.10 «ВСЕ О ЖКХ. ИТОГИ»
9.35 «ПАТРУЛЬНЫЙ УЧАСТОК»
10.20 «СОБЫТИЯ УРФО»
11.10 ДОРОГА В АЗЕРБАЙДЖАН
11.40 «ИМЕЮ ПРАВО»
12.30 «СОБЫТИЯ. АКЦЕНТ»
13.10 «КАБИНЕТ МИНИСТРОВ»
14.05 ДОКУМ. ФИЛЬМ
14.35 ШОУ «РЕАЛЬНЫЙ БИЗНЕС»
15.05 «ПРЯМАЯ ЛИНИЯ. ЗДОРОВЬЕ»
16.05 Т/С «ЗАЛ ОЖИДАНИЯ»
17.10 «ВЕСТНИК ЕВРАЗИЙСКОЙ МОЛОДЕЖИ»
17.30 «ГУРМЭ»
18.10 «ВСЕ О ЖКХ»
18.30, 03.20 «ПРЯМАЯ ЛИНИЯ. ПРАВО»
19.15 ДОКУМ. ФИЛЬМ
19.45 ШОУ «РЕАЛЬНЫЙ БИЗНЕС»
20.00, 23.00, 01.20, 04.10 «СОБЫТИЯ. ИТОГИ»
20.40, 00.10, 03.50 «ПАТРУЛЬНЫЙ УЧАСТОК»
21.00, 02.20 НОВОСТИ ТАУ
22.00 Т/С «ЗАЛ ОЖИДАНИЯ»
23.40 «СОБЫТИЯ УРФО»
00.45 «ПЯТЫЙ УГОЛ»
тв ●●●
ТВЗ
6.00 МУЛЬТФИЛЬМЫ
7.30 Т/С «ЗВЕЗДНЫЕ ВОЙНЫ: ВОЙНЫ КЛОНОВ»
8.00 Т/С «БЕЗ СЛЕДА»
9.00 ДОКУМ. ФИЛЬМЫ
11.00 Т/С «ДЕЖУРНЫЙ АНГЕЛ»
12.00 ДОКУМ. ФИЛЬМЫ
13.25 Т/С «МЕНТАЛИСТ»
15.20 Т/С «БЕЗ СЛЕДА»
16.10 ДОКУМ. ФИЛЬМЫ
18.00 Т/С «ДЕЖУРНЫЙ АНГЕЛ»
19.05 Т/С «МЕНТАЛИСТ»
21.00 ДОКУМ. ФИЛЬМ
22.00 Х/Ф «НА ВСЮ КАТУШКУ»
23.45 Т/С «СОБЫТИЕ»
00.45 ВЫЗОВ НА МИЛЛИОН ДОЛЛАРОВ
01.45 Т/С «ХИЩНИКИ»
03.30 Т/С «ОСТАТЬСЯ В ЖИВЫХ»
05.30 Т/С «ЗВЕЗДНЫЙ ДЕСАНТ: ХРОНИКИ»
За информацию, предоставленную телеканалами, редакция ответственности не несет. В телепрограмме возможны изменения.
